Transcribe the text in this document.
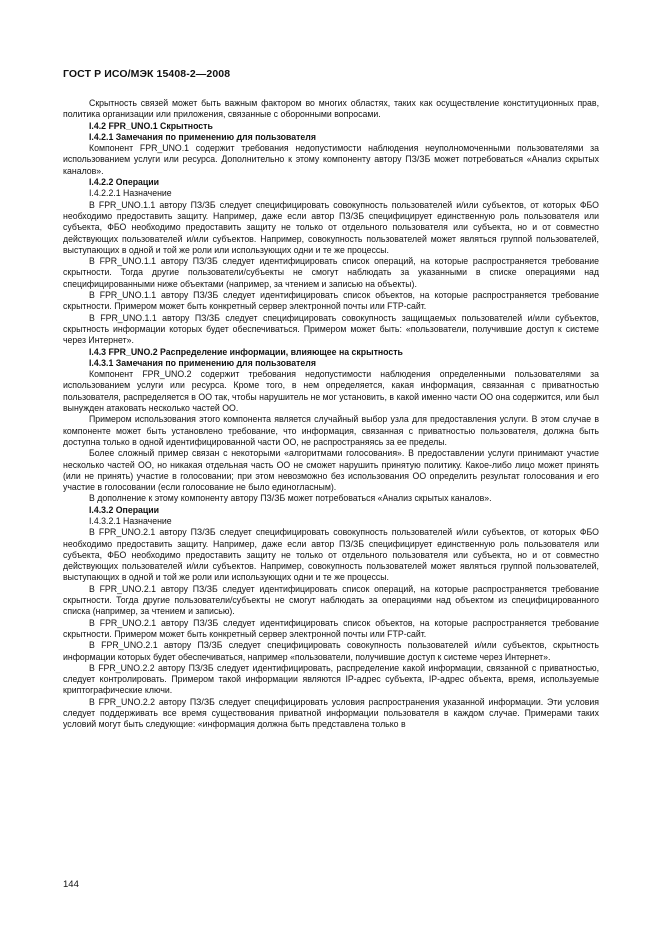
ГОСТ Р ИСО/МЭК 15408-2—2008

Скрытность связей может быть важным фактором во многих областях, таких как осуществление конституционных прав, политика организации или приложения, связанные с оборонными вопросами.

I.4.2 FPR_UNO.1 Скрытность

I.4.2.1 Замечания по применению для пользователя

Компонент FPR_UNO.1 содержит требования недопустимости наблюдения неуполномоченными пользователями за использованием услуги или ресурса. Дополнительно к этому компоненту автору ПЗ/ЗБ может потребоваться «Анализ скрытых каналов».

I.4.2.2 Операции

I.4.2.2.1 Назначение

В FPR_UNO.1.1 автору ПЗ/ЗБ следует специфицировать совокупность пользователей и/или субъектов, от которых ФБО необходимо предоставить защиту. Например, даже если автор ПЗ/ЗБ специфицирует единственную роль пользователя или субъекта, ФБО необходимо предоставить защиту не только от отдельного пользователя или субъекта, но и от совместно действующих пользователей и/или субъектов. Например, совокупность пользователей может являться группой пользователей, выступающих в одной и той же роли или использующих одни и те же процессы.

В FPR_UNO.1.1 автору ПЗ/ЗБ следует идентифицировать список операций, на которые распространяется требование скрытности. Тогда другие пользователи/субъекты не смогут наблюдать за указанными в списке операциями над специфицированными ниже объектами (например, за чтением и записью на объекты).

В FPR_UNO.1.1 автору ПЗ/ЗБ следует идентифицировать список объектов, на которые распространяется требование скрытности. Примером может быть конкретный сервер электронной почты или FTP-сайт.

В FPR_UNO.1.1 автору ПЗ/ЗБ следует специфицировать совокупность защищаемых пользователей и/или субъектов, скрытность информации которых будет обеспечиваться. Примером может быть: «пользователи, получившие доступ к системе через Интернет».

I.4.3 FPR_UNO.2 Распределение информации, влияющее на скрытность

I.4.3.1 Замечания по применению для пользователя

Компонент FPR_UNO.2 содержит требования недопустимости наблюдения определенными пользователями за использованием услуги или ресурса. Кроме того, в нем определяется, какая информация, связанная с приватностью пользователя, распределяется в ОО так, чтобы нарушитель не мог установить, в какой именно части ОО она содержится, или был вынужден атаковать несколько частей ОО.

Примером использования этого компонента является случайный выбор узла для предоставления услуги. В этом случае в компоненте может быть установлено требование, что информация, связанная с приватностью пользователя, должна быть доступна только в одной идентифицированной части ОО, не распространяясь за ее пределы.

Более сложный пример связан с некоторыми «алгоритмами голосования». В предоставлении услуги принимают участие несколько частей ОО, но никакая отдельная часть ОО не сможет нарушить принятую политику. Какое-либо лицо может принять (или не принять) участие в голосовании; при этом невозможно без использования ОО определить результат голосования и его участие в голосовании (если голосование не было единогласным).

В дополнение к этому компоненту автору ПЗ/ЗБ может потребоваться «Анализ скрытых каналов».

I.4.3.2 Операции

I.4.3.2.1 Назначение

В FPR_UNO.2.1 автору ПЗ/ЗБ следует специфицировать совокупность пользователей и/или субъектов, от которых ФБО необходимо предоставить защиту. Например, даже если автор ПЗ/ЗБ специфицирует единственную роль пользователя или субъекта, ФБО необходимо предоставить защиту не только от отдельного пользователя или субъекта, но и от совместно действующих пользователей и/или субъектов. Например, совокупность пользователей может являться группой пользователей, выступающих в одной и той же роли или использующих одни и те же процессы.

В FPR_UNO.2.1 автору ПЗ/ЗБ следует идентифицировать список операций, на которые распространяется требование скрытности. Тогда другие пользователи/субъекты не смогут наблюдать за операциями над объектом из специфицированного списка (например, за чтением и записью).

В FPR_UNO.2.1 автору ПЗ/ЗБ следует идентифицировать список объектов, на которые распространяется требование скрытности. Примером может быть конкретный сервер электронной почты или FTP-сайт.

В FPR_UNO.2.1 автору ПЗ/ЗБ следует специфицировать совокупность пользователей и/или субъектов, скрытность информации которых будет обеспечиваться, например «пользователи, получившие доступ к системе через Интернет».

В FPR_UNO.2.2 автору ПЗ/ЗБ следует идентифицировать, распределение какой информации, связанной с приватностью, следует контролировать. Примером такой информации являются IP-адрес субъекта, IP-адрес объекта, время, используемые криптографические ключи.

В FPR_UNO.2.2 автору ПЗ/ЗБ следует специфицировать условия распространения указанной информации. Эти условия следует поддерживать все время существования приватной информации пользователя в каждом случае. Примерами таких условий могут быть следующие: «информация должна быть представлена только в

144
